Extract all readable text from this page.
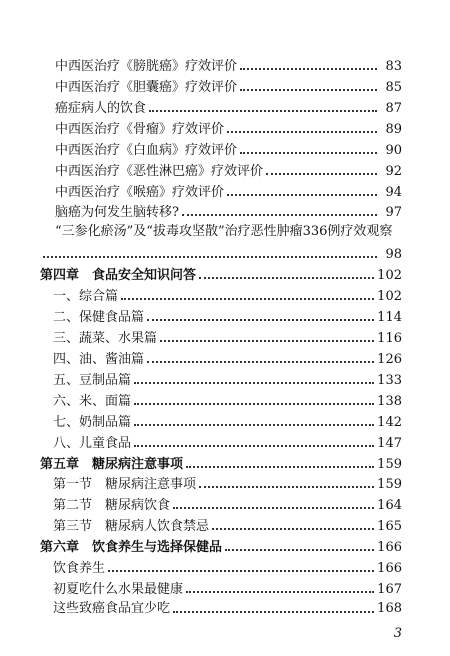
中西医治疗《膀胱癌》疗效评价	83
中西医治疗《胆囊癌》疗效评价	85
癌症病人的饮食	87
中西医治疗《骨瘤》疗效评价	89
中西医治疗《白血病》疗效评价	90
中西医治疗《恶性淋巴癌》疗效评价	92
中西医治疗《喉癌》疗效评价	94
脑癌为何发生脑转移?	97
“三参化瘀汤”及“拔毒攻坚散”治疗恶性肿瘤336例疗效观察
98
第四章　食品安全知识问答	102
一、综合篇	102
二、保健食品篇	114
三、蔬菜、水果篇	116
四、油、酱油篇	126
五、豆制品篇	133
六、米、面篇	138
七、奶制品篇	142
八、儿童食品	147
第五章　糖尿病注意事项	159
第一节　糖尿病注意事项	159
第二节　糖尿病饮食	164
第三节　糖尿病人饮食禁忌	165
第六章　饮食养生与选择保健品	166
饮食养生	166
初夏吃什么水果最健康	167
这些致癌食品宜少吃	168
3
